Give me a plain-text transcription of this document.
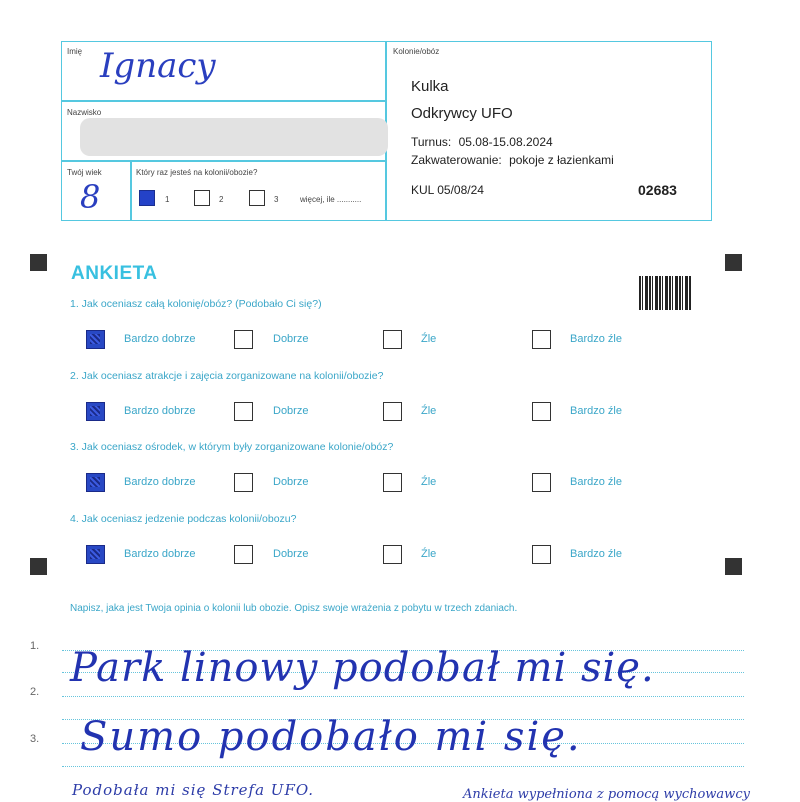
Imię Ignacy
Nazwisko
Twój wiek
8
Który raz jesteś na kolonii/obozie?
1	2	3	więcej, ile ...........
Kolonie/obóz
Kulka
Odkrywcy UFO
Turnus: 05.08-15.08.2024
Zakwaterowanie: pokoje z łazienkami
KUL 05/08/24	02683
ANKIETA
1. Jak oceniasz całą kolonię/obóz? (Podobało Ci się?)
Bardzo dobrze	Dobrze	Źle	Bardzo źle
2. Jak oceniasz atrakcje i zajęcia zorganizowane na kolonii/obozie?
Bardzo dobrze	Dobrze	Źle	Bardzo źle
3. Jak oceniasz ośrodek, w którym były zorganizowane kolonie/obóz?
Bardzo dobrze	Dobrze	Źle	Bardzo źle
4. Jak oceniasz jedzenie podczas kolonii/obozu?
Bardzo dobrze	Dobrze	Źle	Bardzo źle
Napisz, jaka jest Twoja opinia o kolonii lub obozie. Opisz swoje wrażenia z pobytu w trzech zdaniach.
1.
2.
3.
Park linowy podobał mi się.
Sumo podobało mi się.
Podobała mi się Strefa UFO.	Ankieta wypełniona z pomocą wychowawcy
